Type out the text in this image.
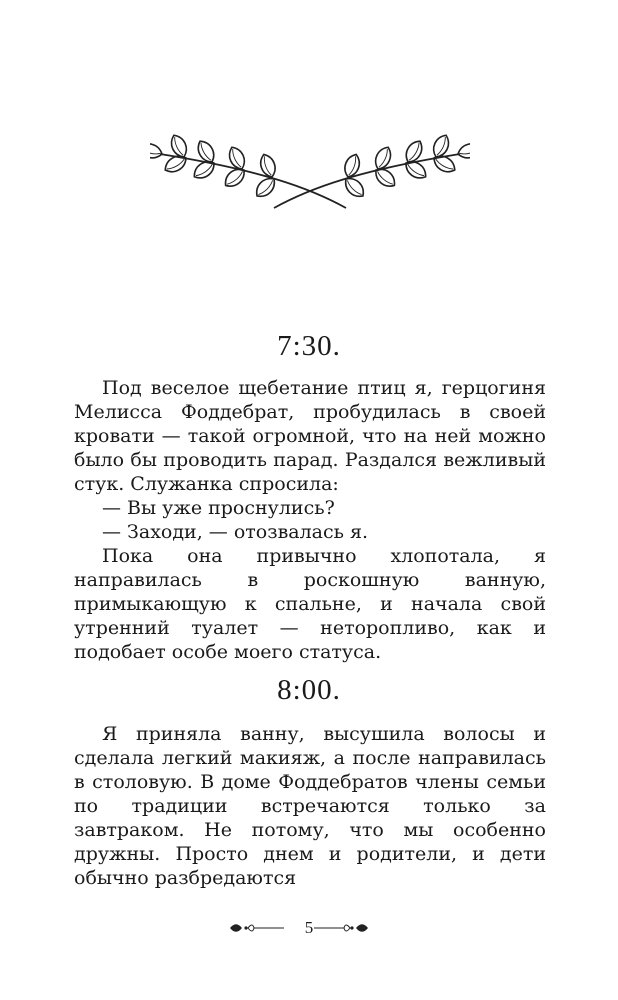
7:30.

Под веселое щебетание птиц я, герцогиня Мелисса Фоддебрат, пробудилась в своей кровати — такой огромной, что на ней можно было бы проводить парад. Раздался вежливый стук. Служанка спросила:

— Вы уже проснулись?

— Заходи, — отозвалась я.

Пока она привычно хлопотала, я направилась в роскошную ванную, примыкающую к спальне, и начала свой утренний туалет — неторопливо, как и подобает особе моего статуса.

8:00.

Я приняла ванну, высушила волосы и сделала легкий макияж, а после направилась в столовую. В доме Фоддебратов члены семьи по традиции встречаются только за завтраком. Не потому, что мы особенно дружны. Просто днем и родители, и дети обычно разбредаются

5
